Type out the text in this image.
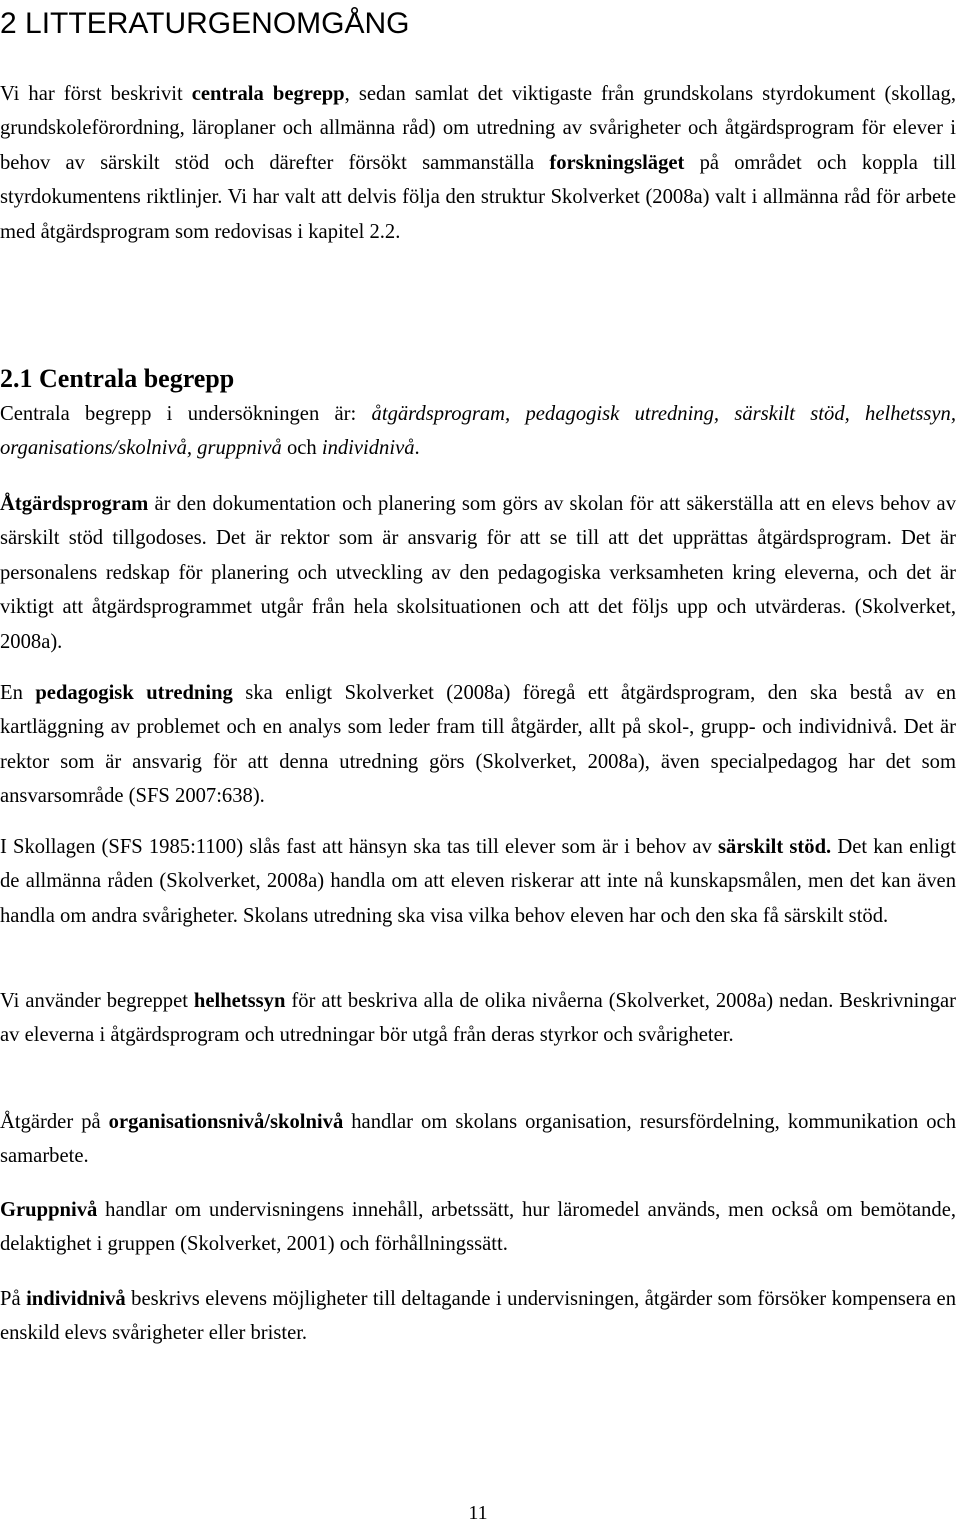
2 LITTERATURGENOMGÅNG

Vi har först beskrivit centrala begrepp, sedan samlat det viktigaste från grundskolans styrdokument (skollag, grundskoleförordning, läroplaner och allmänna råd) om utredning av svårigheter och åtgärdsprogram för elever i behov av särskilt stöd och därefter försökt sammanställa forskningsläget på området och koppla till styrdokumentens riktlinjer. Vi har valt att delvis följa den struktur Skolverket (2008a) valt i allmänna råd för arbete med åtgärdsprogram som redovisas i kapitel 2.2.

2.1 Centrala begrepp

Centrala begrepp i undersökningen är: åtgärdsprogram, pedagogisk utredning, särskilt stöd, helhetssyn, organisations/skolnivå, gruppnivå och individnivå.

Åtgärdsprogram är den dokumentation och planering som görs av skolan för att säkerställa att en elevs behov av särskilt stöd tillgodoses. Det är rektor som är ansvarig för att se till att det upprättas åtgärdsprogram. Det är personalens redskap för planering och utveckling av den pedagogiska verksamheten kring eleverna, och det är viktigt att åtgärdsprogrammet utgår från hela skolsituationen och att det följs upp och utvärderas. (Skolverket, 2008a).

En pedagogisk utredning ska enligt Skolverket (2008a) föregå ett åtgärdsprogram, den ska bestå av en kartläggning av problemet och en analys som leder fram till åtgärder, allt på skol-, grupp- och individnivå. Det är rektor som är ansvarig för att denna utredning görs (Skolverket, 2008a), även specialpedagog har det som ansvarsområde (SFS 2007:638).

I Skollagen (SFS 1985:1100) slås fast att hänsyn ska tas till elever som är i behov av särskilt stöd. Det kan enligt de allmänna råden (Skolverket, 2008a) handla om att eleven riskerar att inte nå kunskapsmålen, men det kan även handla om andra svårigheter. Skolans utredning ska visa vilka behov eleven har och den ska få särskilt stöd.

Vi använder begreppet helhetssyn för att beskriva alla de olika nivåerna (Skolverket, 2008a) nedan. Beskrivningar av eleverna i åtgärdsprogram och utredningar bör utgå från deras styrkor och svårigheter.

Åtgärder på organisationsnivå/skolnivå handlar om skolans organisation, resursfördelning, kommunikation och samarbete.

Gruppnivå handlar om undervisningens innehåll, arbetssätt, hur läromedel används, men också om bemötande, delaktighet i gruppen (Skolverket, 2001) och förhållningssätt.

På individnivå beskrivs elevens möjligheter till deltagande i undervisningen, åtgärder som försöker kompensera en enskild elevs svårigheter eller brister.

11
